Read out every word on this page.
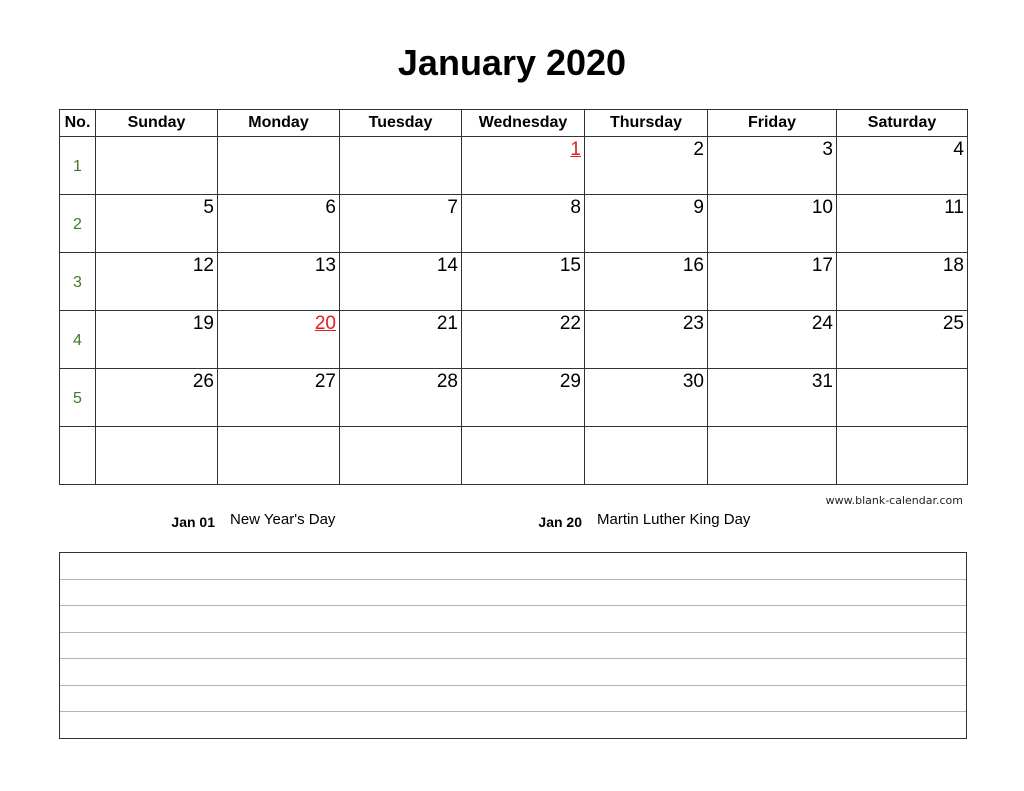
January 2020
No.	Sunday	Monday	Tuesday	Wednesday	Thursday	Friday	Saturday
1				1	2	3	4

2	5	6	7	8	9	10	11

3	12	13	14	15	16	17	18

4	19	20	21	22	23	24	25

5	26	27	28	29	30	31	

www.blank-calendar.com
Jan 01 New Year's Day	Jan 20 Martin Luther King Day
